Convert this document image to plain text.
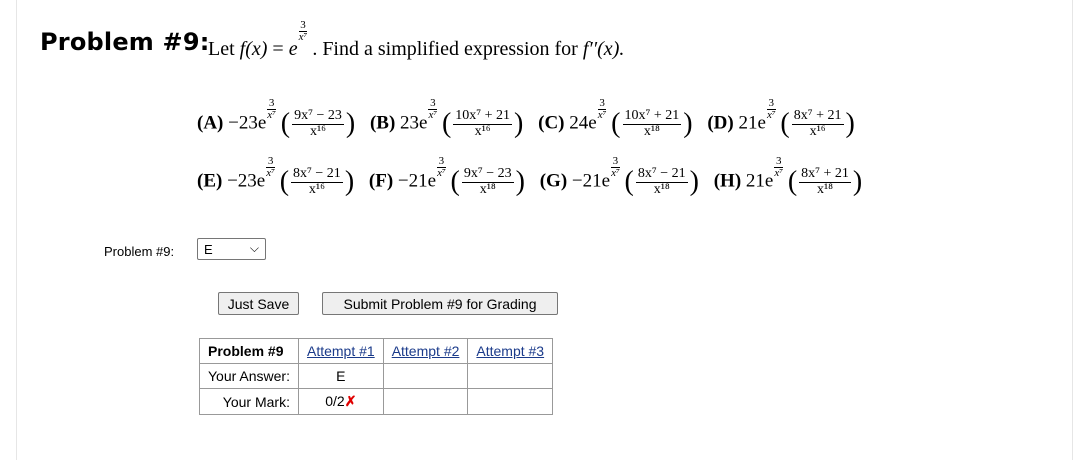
Problem #9:
Let f(x) = e
$\frac{3}{\text{x⁷}}$
. Find a simplified expression for f′′(x).
(A) −23e
$\frac{3}{\text{x⁷}}$ ( $\frac{\text{9x⁷ − 23}}{\text{x¹⁶}}$ ) (B) 23e
$\frac{3}{\text{x⁷}}$ ( $\frac{\text{10x⁷ + 21}}{\text{x¹⁶}}$ ) (C) 24e
$\frac{3}{\text{x⁷}}$ ( $\frac{\text{10x⁷ + 21}}{\text{x¹⁸}}$ ) (D) 21e
$\frac{3}{\text{x⁷}}$ ( $\frac{\text{8x⁷ + 21}}{\text{x¹⁶}}$ )
(E) −23e
$\frac{3}{\text{x⁷}}$ ( $\frac{\text{8x⁷ − 21}}{\text{x¹⁶}}$ ) (F) −21e
$\frac{3}{\text{x⁷}}$ ( $\frac{\text{9x⁷ − 23}}{\text{x¹⁸}}$ ) (G) −21e
$\frac{3}{\text{x⁷}}$ ( $\frac{\text{8x⁷ − 21}}{\text{x¹⁸}}$ ) (H) 21e
$\frac{3}{\text{x⁷}}$ ( $\frac{\text{8x⁷ + 21}}{\text{x¹⁸}}$ )
Problem #9: E	⌵
Just Save	Submit Problem #9 for Grading
Problem #9	Attempt #1	Attempt #2	Attempt #3
Your Answer:	E		
Your Mark:	0/2✗		
